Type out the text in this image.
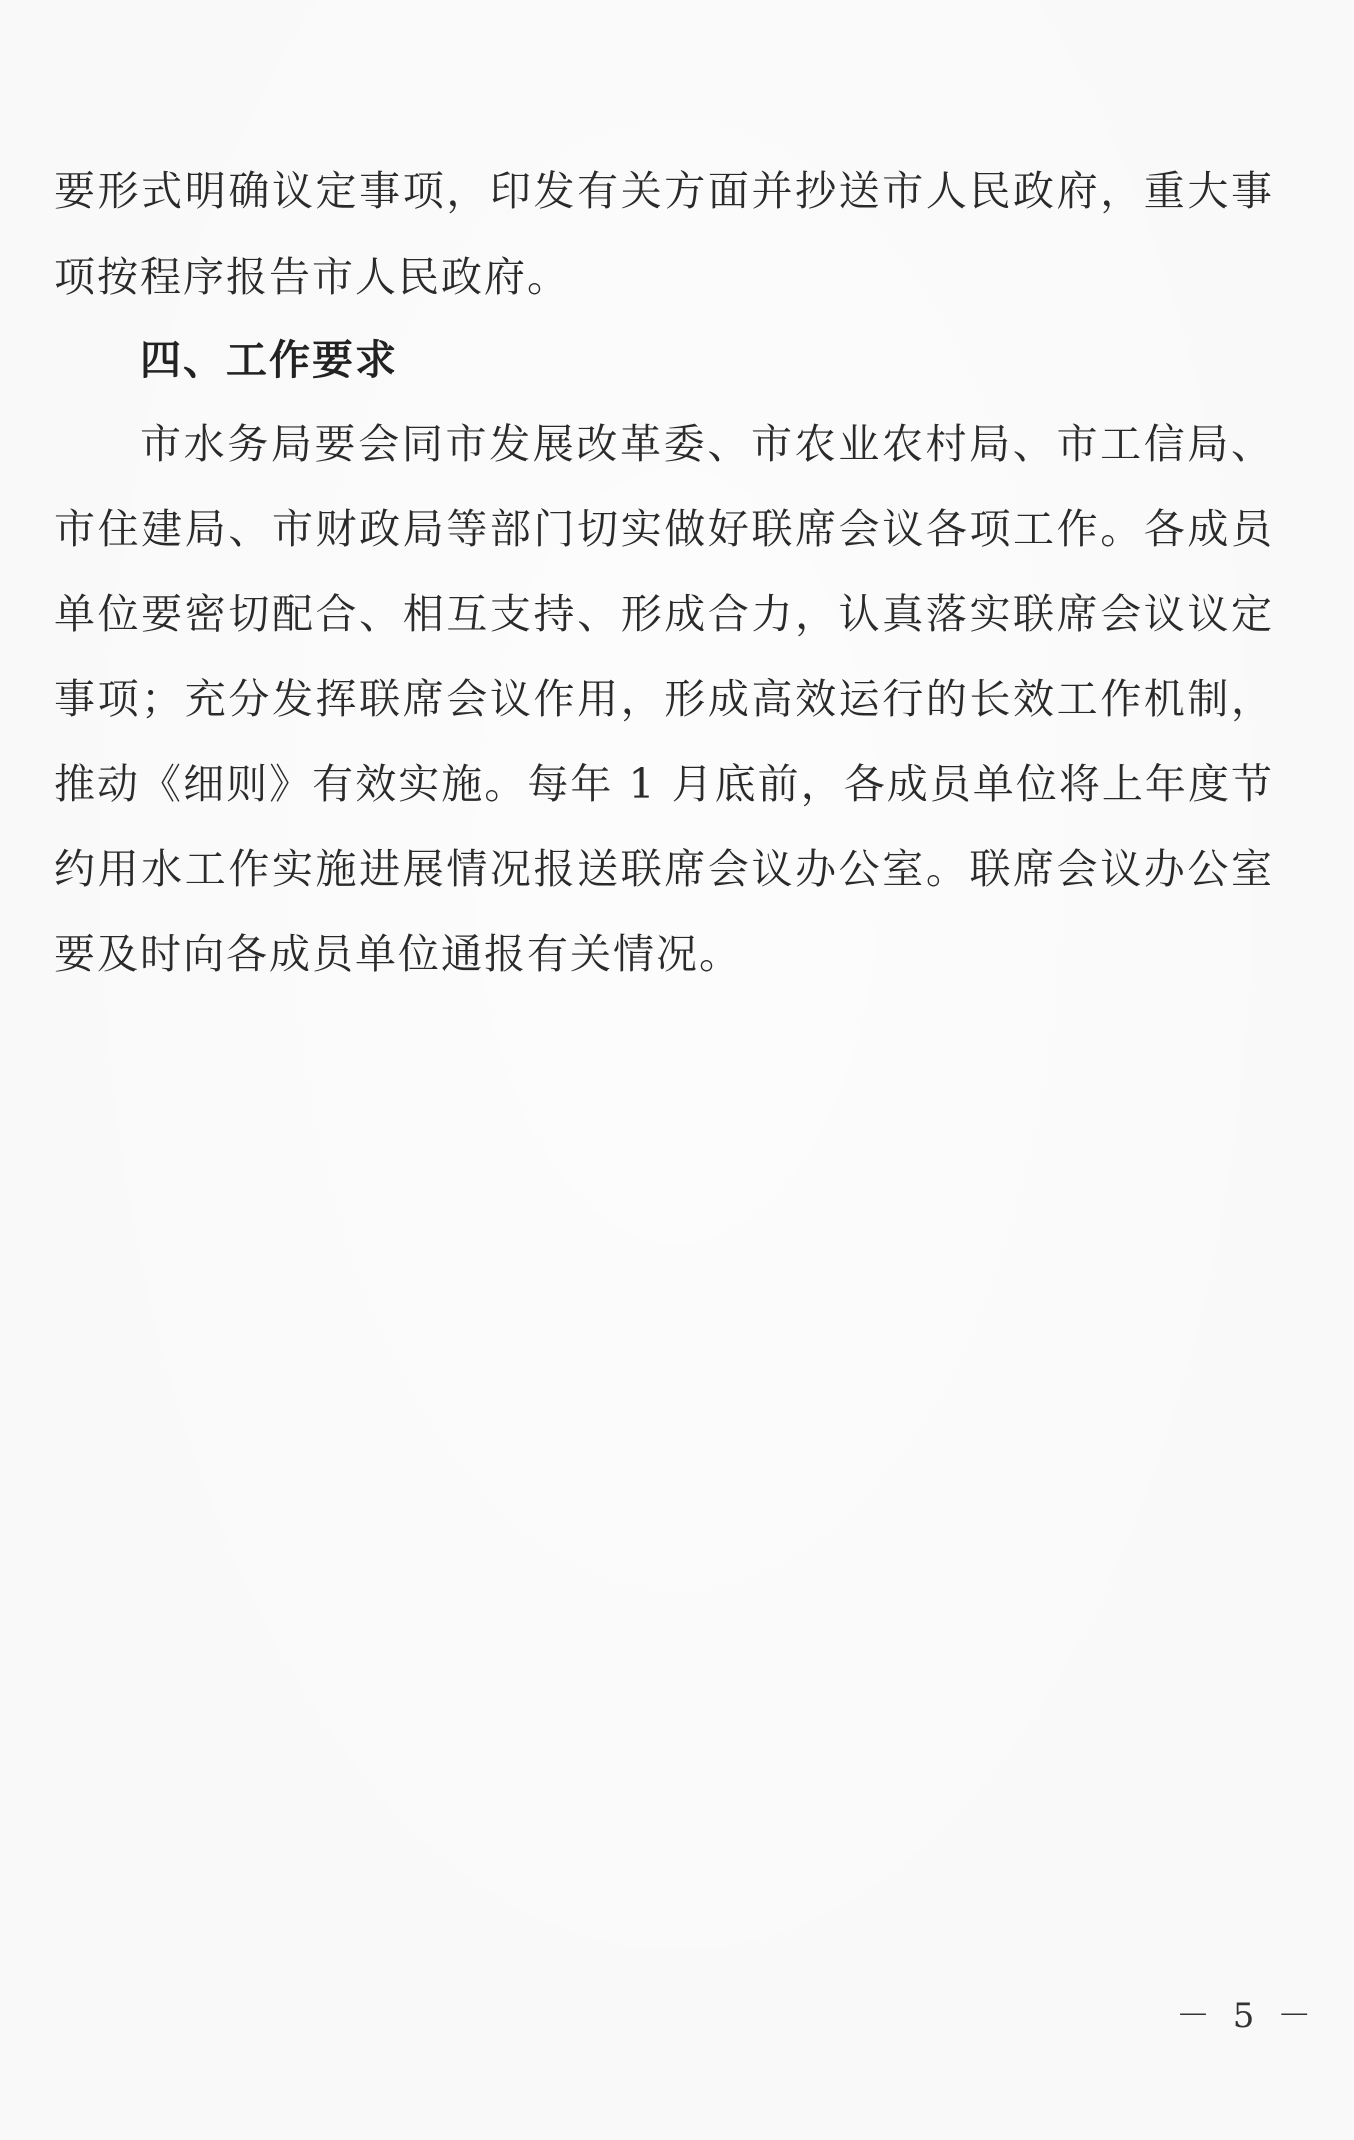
要形式明确议定事项，印发有关方面并抄送市人民政府，重大事
项按程序报告市人民政府。
四、工作要求
市水务局要会同市发展改革委、市农业农村局、市工信局、
市住建局、市财政局等部门切实做好联席会议各项工作。各成员
单位要密切配合、相互支持、形成合力，认真落实联席会议议定
事项；充分发挥联席会议作用，形成高效运行的长效工作机制，
推动《细则》有效实施。每年 1 月底前，各成员单位将上年度节
约用水工作实施进展情况报送联席会议办公室。联席会议办公室
要及时向各成员单位通报有关情况。
－ 5 －
